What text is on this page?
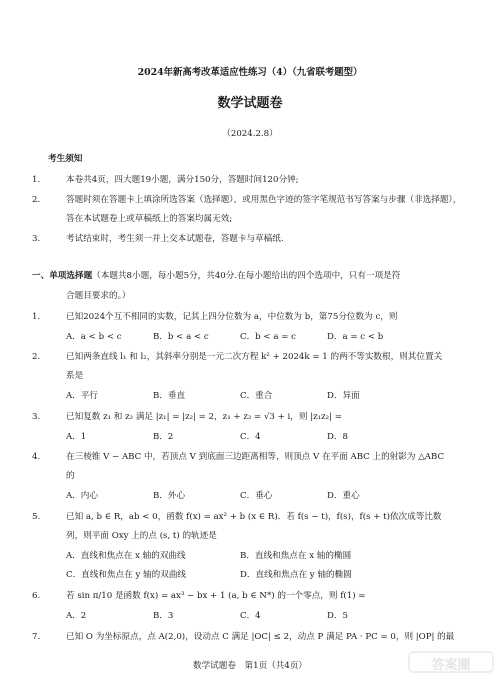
2024年新高考改革适应性练习（4）（九省联考题型）
数学试题卷
（2024.2.8）
考生须知
1.	本卷共4页，四大题19小题，满分150分，答题时间120分钟;
2.	答题时须在答题卡上填涂所选答案（选择题），或用黑色字迹的签字笔规范书写答案与步骤（非选择题），
答在本试题卷上或草稿纸上的答案均属无效;
3.	考试结束时，考生须一并上交本试题卷，答题卡与草稿纸.
一、单项选择题（本题共8小题，每小题5分，共40分.在每小题给出的四个选项中，只有一项是符
合题目要求的。）
1.	已知2024个互不相同的实数，记其上四分位数为 a，中位数为 b，第75分位数为 c，则
A．a < b < c	B．b < a < c	C．b < a = c	D．a = c < b
2.	已知两条直线 l₁ 和 l₂，其斜率分别是一元二次方程 k² + 2024k = 1 的两不等实数根，则其位置关
系是
A．平行	B．垂直	C．重合	D．异面
3.	已知复数 z₁ 和 z₂ 满足 |z₁| = |z₂| = 2，z₁ + z₂ = √3 + i，则 |z₁z₂| =
A．1	B．2	C．4	D．8
4.	在三棱锥 V − ABC 中，若顶点 V 到底面三边距离相等，则顶点 V 在平面 ABC 上的射影为 △ABC
的
A．内心	B．外心	C．垂心	D．重心
5.	已知 a, b ∈ R，ab < 0，函数 f(x) = ax² + b (x ∈ R)．若 f(s − t)，f(s)，f(s + t)依次成等比数
列，则平面 Oxy 上的点 (s, t) 的轨迹是
A．直线和焦点在 x 轴的双曲线	B．直线和焦点在 x 轴的椭圆
C．直线和焦点在 y 轴的双曲线	D．直线和焦点在 y 轴的椭圆
6.	若 sin π/10 是函数 f(x) = ax³ − bx + 1 (a, b ∈ N*) 的一个零点，则 f(1) =
A．2	B．3	C．4	D．5
7.	已知 O 为坐标原点，点 A(2,0)，设动点 C 满足 |OC| ≤ 2，动点 P 满足 PA · PC = 0，则 |OP| 的最
数学试题卷　第1页（共4页）	答案圈
